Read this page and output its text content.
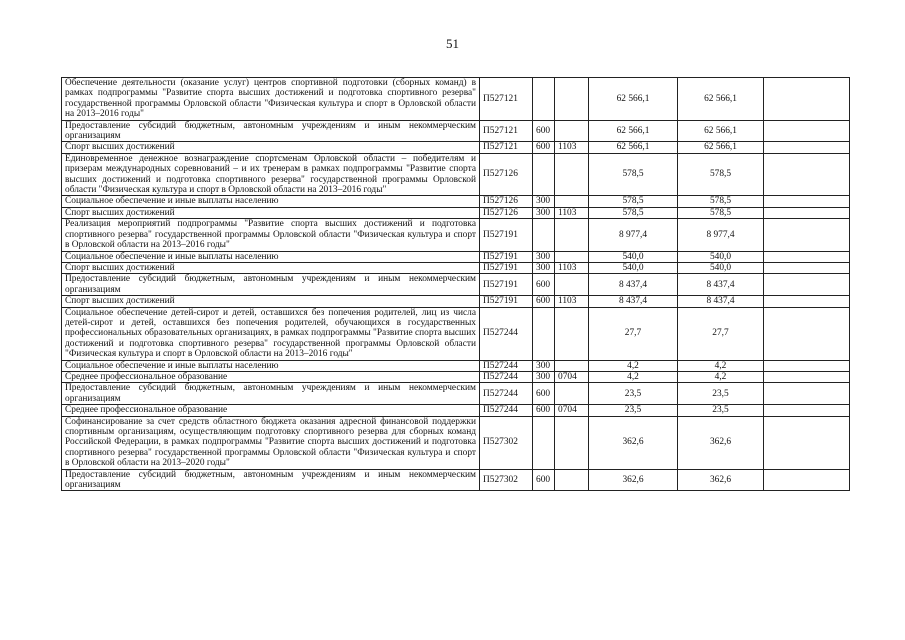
51
Обеспечение деятельности (оказание услуг) центров спортивной подготовки (сборных команд) в рамках подпрограммы "Развитие спорта высших достижений и подготовка спортивного резерва" государственной программы Орловской области "Физическая культура и спорт в Орловской области на 2013–2016 годы"	П527121			62 566,1	62 566,1	
Предоставление субсидий бюджетным, автономным учреждениям и иным некоммерческим организациям	П527121	600		62 566,1	62 566,1	
Спорт высших достижений	П527121	600	1103	62 566,1	62 566,1	
Единовременное денежное вознаграждение спортсменам Орловской области – победителям и призерам международных соревнований – и их тренерам в рамках подпрограммы "Развитие спорта высших достижений и подготовка спортивного резерва" государственной программы Орловской области "Физическая культура и спорт в Орловской области на 2013–2016 годы"	П527126			578,5	578,5	
Социальное обеспечение и иные выплаты населению	П527126	300		578,5	578,5	
Спорт высших достижений	П527126	300	1103	578,5	578,5	
Реализация мероприятий подпрограммы "Развитие спорта высших достижений и подготовка спортивного резерва" государственной программы Орловской области "Физическая культура и спорт в Орловской области на 2013–2016 годы"	П527191			8 977,4	8 977,4	
Социальное обеспечение и иные выплаты населению	П527191	300		540,0	540,0	
Спорт высших достижений	П527191	300	1103	540,0	540,0	
Предоставление субсидий бюджетным, автономным учреждениям и иным некоммерческим организациям	П527191	600		8 437,4	8 437,4	
Спорт высших достижений	П527191	600	1103	8 437,4	8 437,4	
Социальное обеспечение детей-сирот и детей, оставшихся без попечения родителей, лиц из числа детей-сирот и детей, оставшихся без попечения родителей, обучающихся в государственных профессиональных образовательных организациях, в рамках подпрограммы "Развитие спорта высших достижений и подготовка спортивного резерва" государственной программы Орловской области "Физическая культура и спорт в Орловской области на 2013–2016 годы"	П527244			27,7	27,7	
Социальное обеспечение и иные выплаты населению	П527244	300		4,2	4,2	
Среднее профессиональное образование	П527244	300	0704	4,2	4,2	
Предоставление субсидий бюджетным, автономным учреждениям и иным некоммерческим организациям	П527244	600		23,5	23,5	
Среднее профессиональное образование	П527244	600	0704	23,5	23,5	
Софинансирование за счет средств областного бюджета оказания адресной финансовой поддержки спортивным организациям, осуществляющим подготовку спортивного резерва для сборных команд Российской Федерации, в рамках подпрограммы "Развитие спорта высших достижений и подготовка спортивного резерва" государственной программы Орловской области "Физическая культура и спорт в Орловской области на 2013–2020 годы"	П527302			362,6	362,6	
Предоставление субсидий бюджетным, автономным учреждениям и иным некоммерческим организациям	П527302	600		362,6	362,6	
